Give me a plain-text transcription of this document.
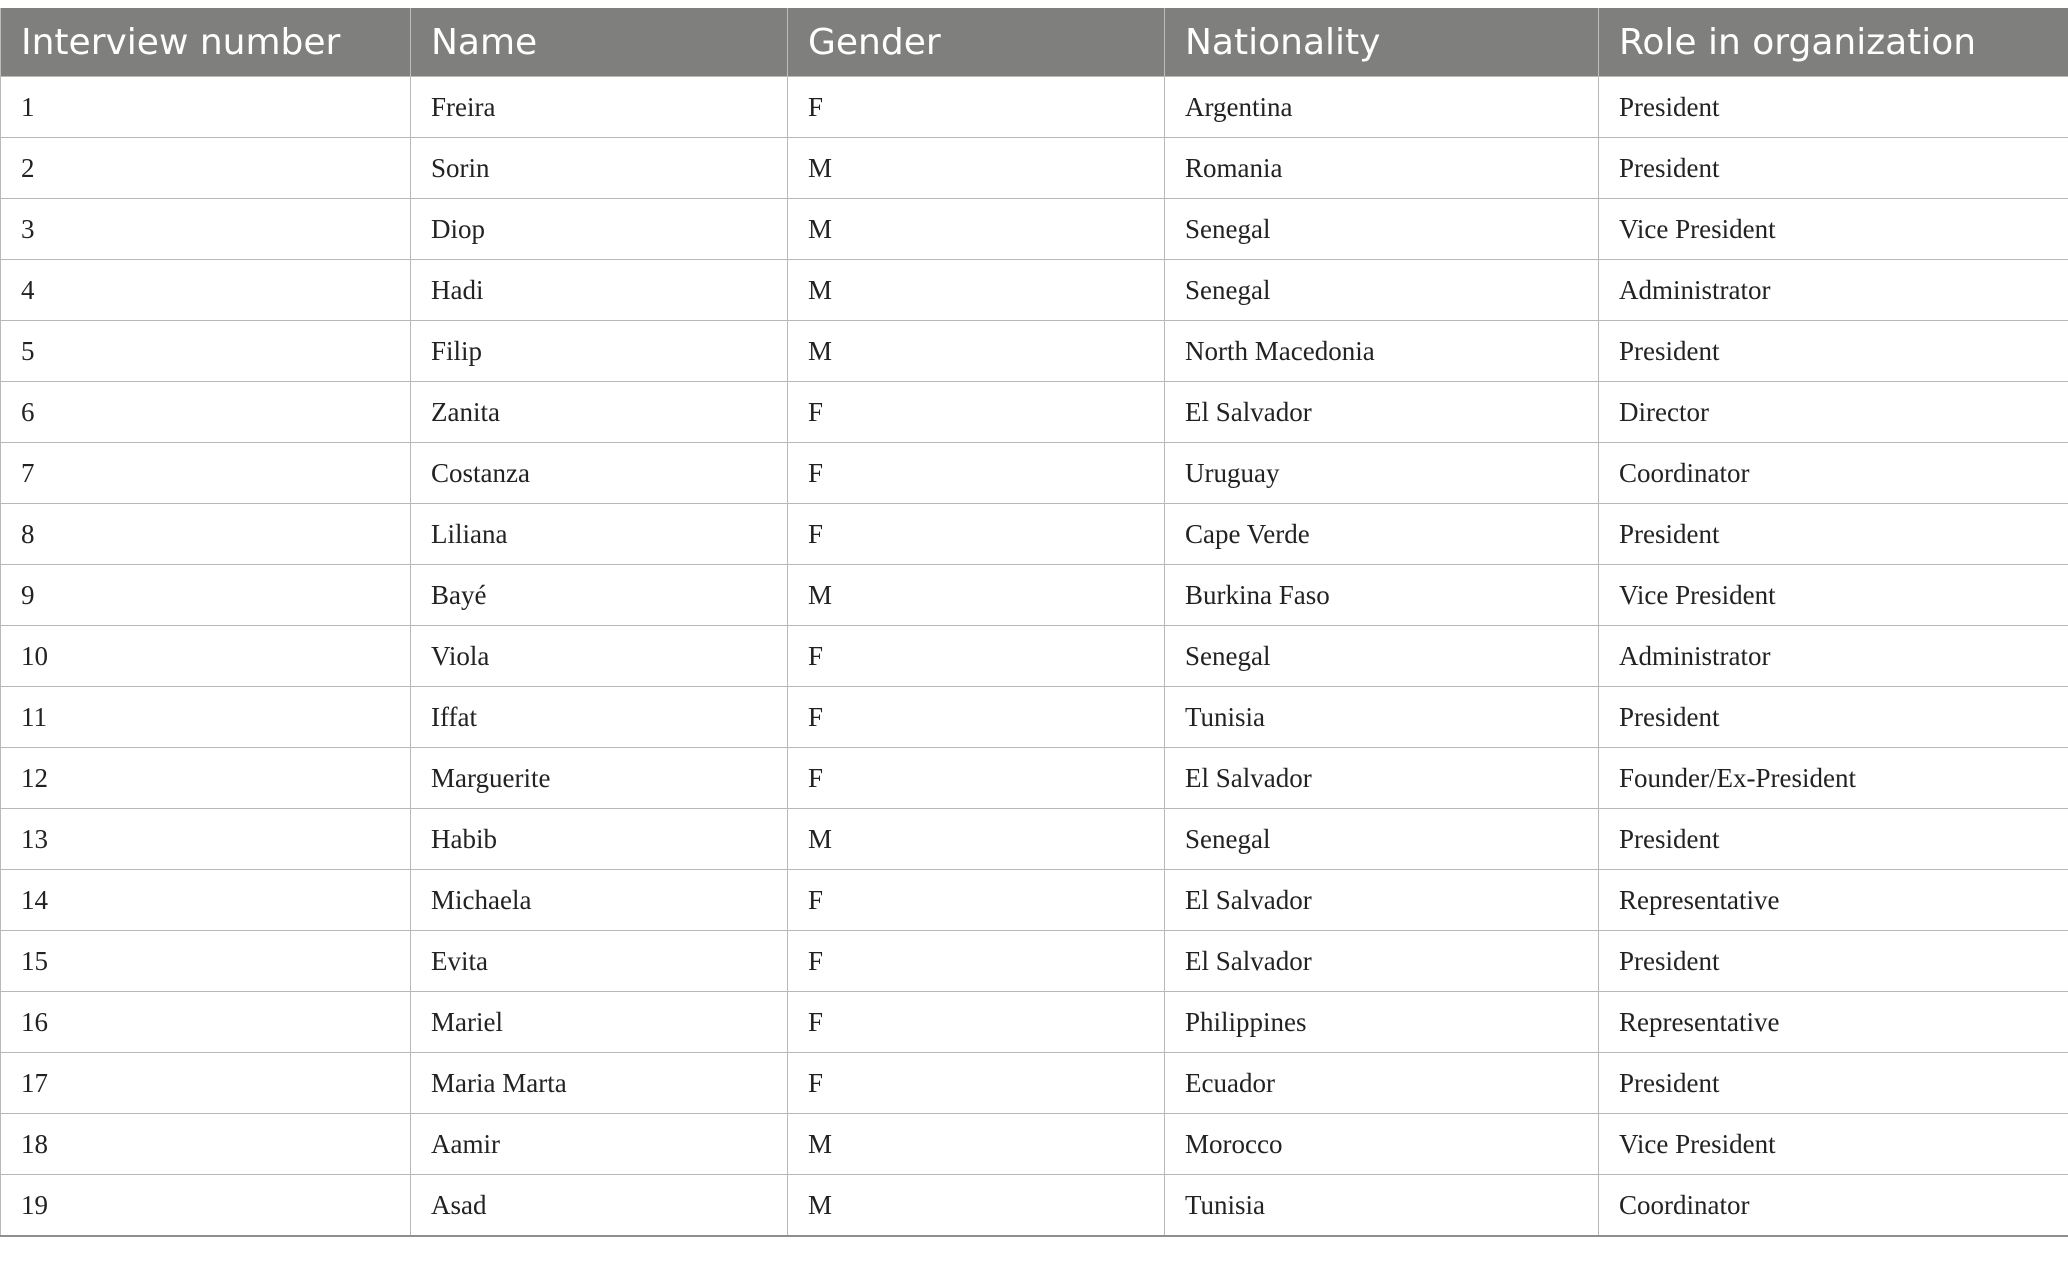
Interview number	Name	Gender	Nationality	Role in organization
1	Freira	F	Argentina	President
2	Sorin	M	Romania	President
3	Diop	M	Senegal	Vice President
4	Hadi	M	Senegal	Administrator
5	Filip	M	North Macedonia	President
6	Zanita	F	El Salvador	Director
7	Costanza	F	Uruguay	Coordinator
8	Liliana	F	Cape Verde	President
9	Bayé	M	Burkina Faso	Vice President
10	Viola	F	Senegal	Administrator
11	Iffat	F	Tunisia	President
12	Marguerite	F	El Salvador	Founder/Ex-President
13	Habib	M	Senegal	President
14	Michaela	F	El Salvador	Representative
15	Evita	F	El Salvador	President
16	Mariel	F	Philippines	Representative
17	Maria Marta	F	Ecuador	President
18	Aamir	M	Morocco	Vice President
19	Asad	M	Tunisia	Coordinator
